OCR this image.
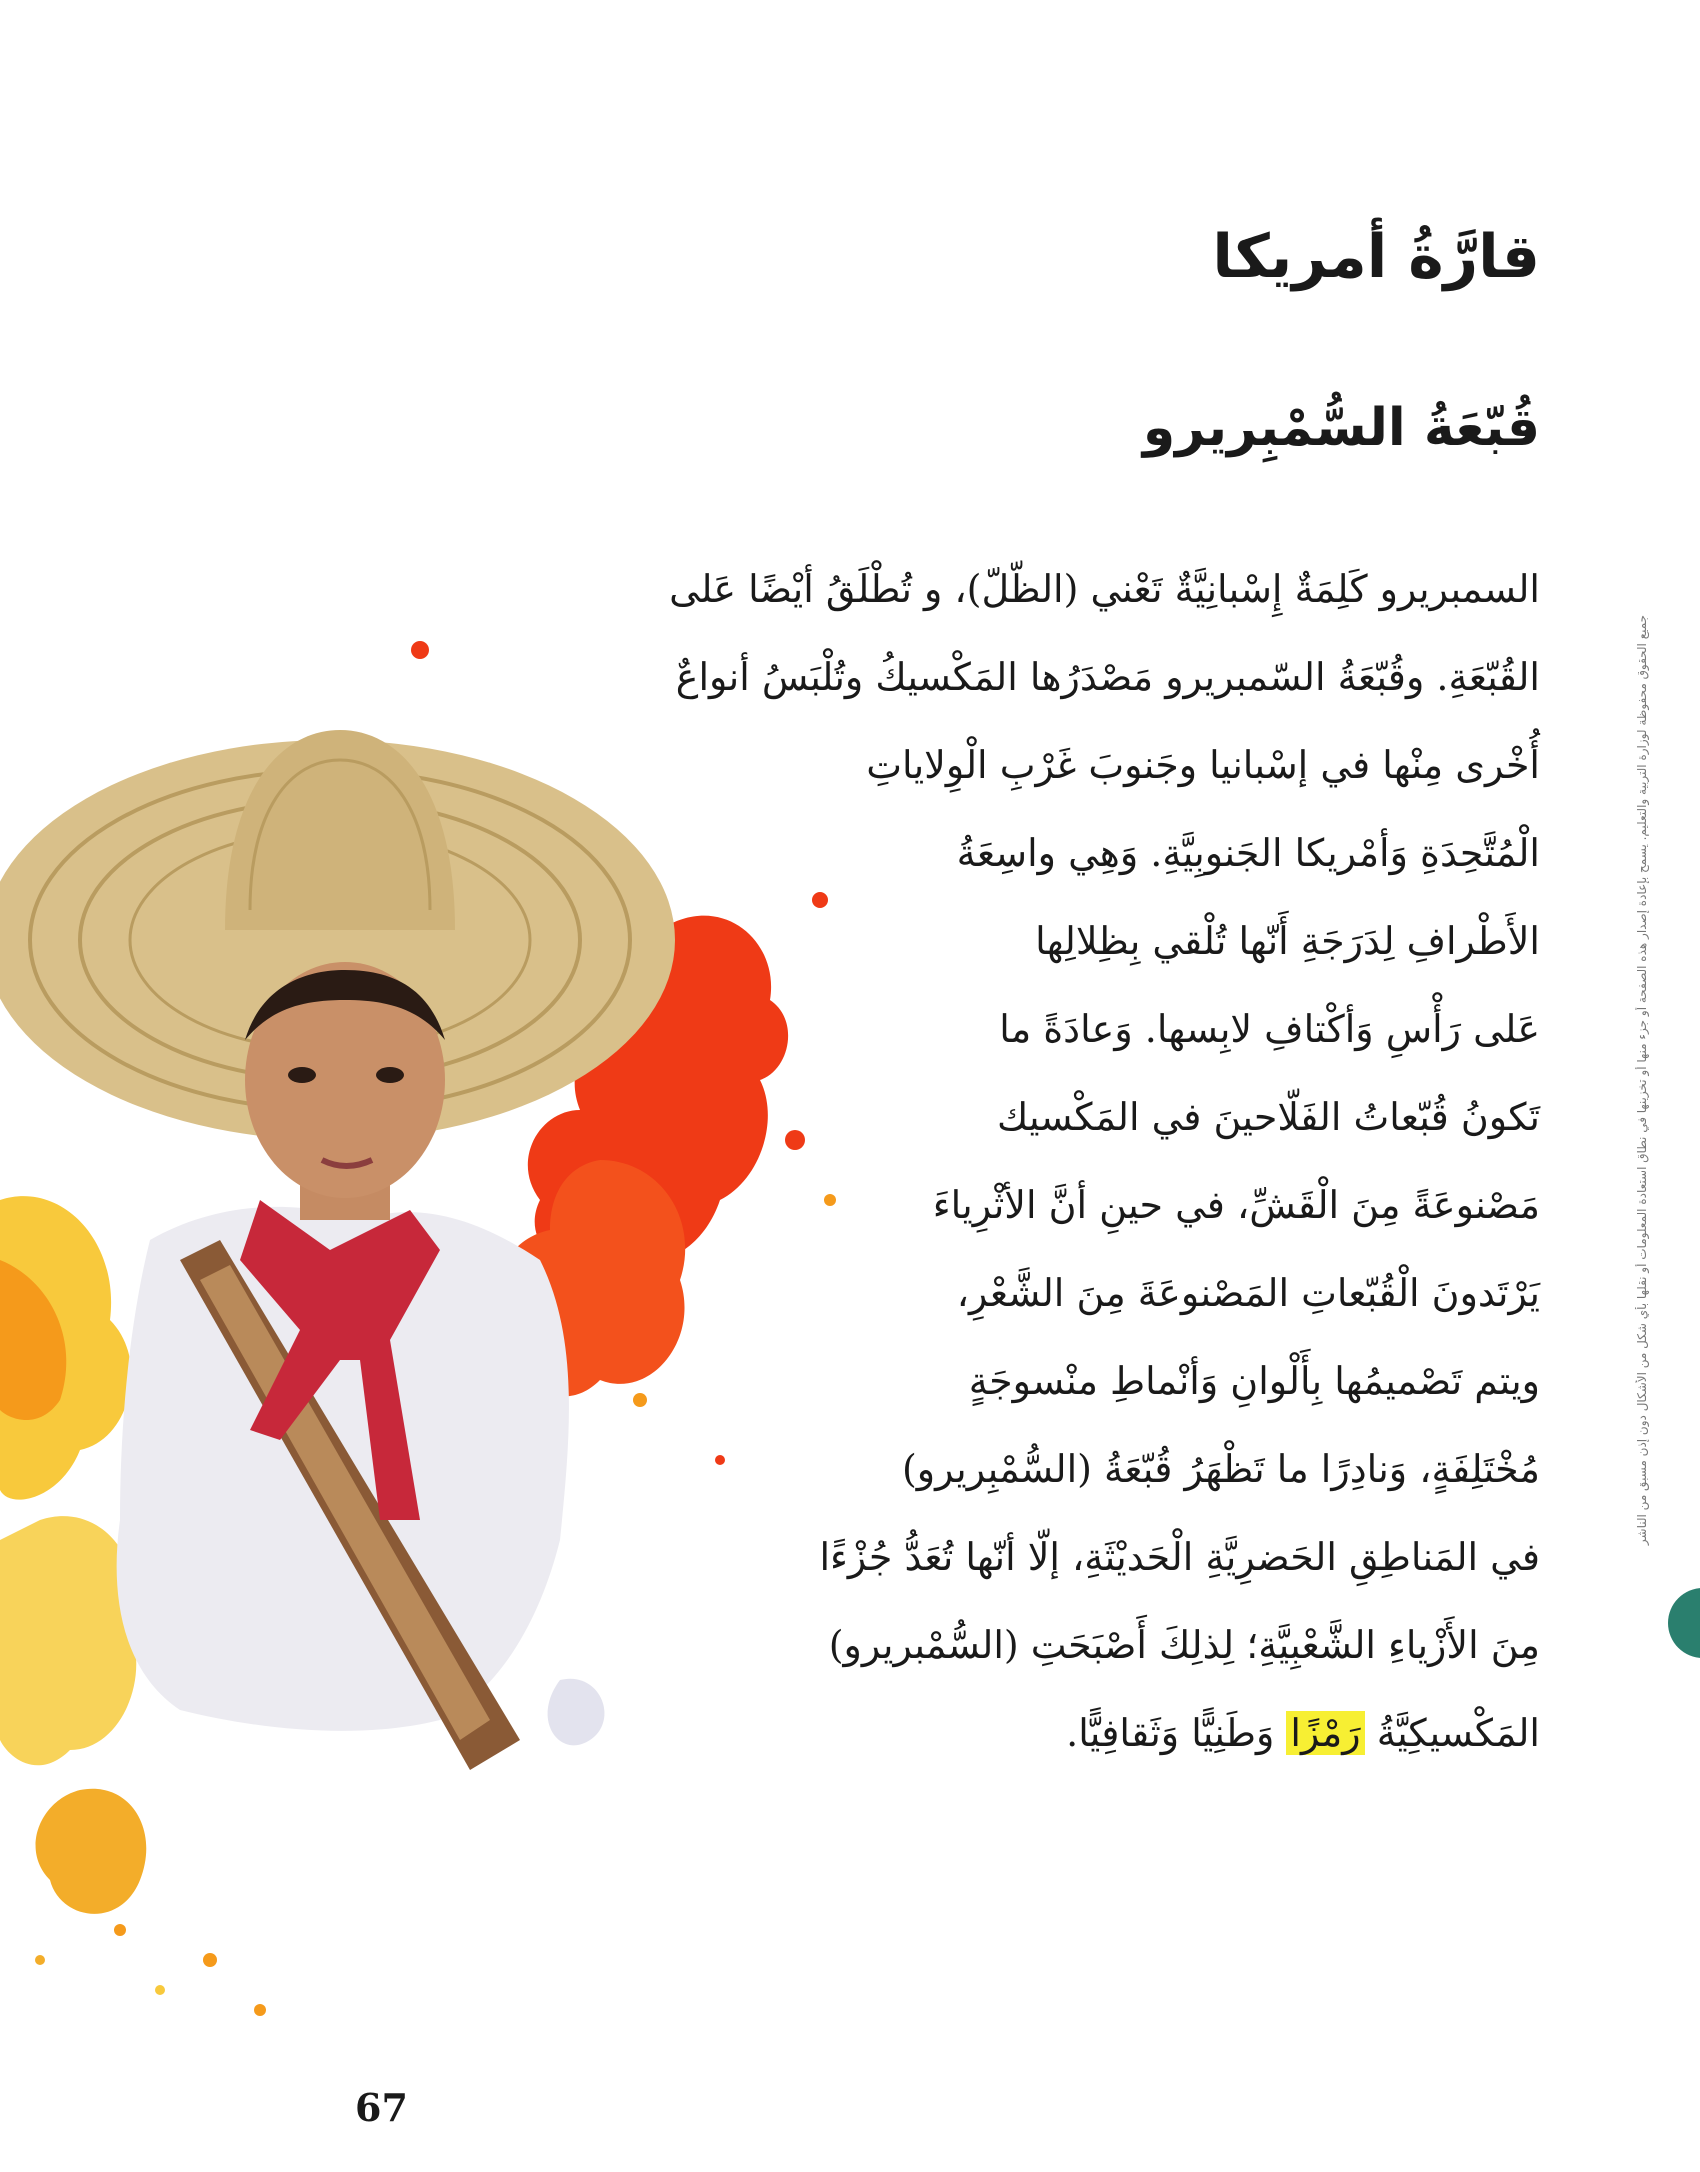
قارَّةُ أمريكا
قُبّعَةُ السُّمْبِريرو
السمبريرو كَلِمَةٌ إِسْبانِيَّةٌ تَعْني (الظّلّ)، و تُطْلَقُ أيْضًا عَلى
القُبّعَةِ. وقُبّعَةُ السّمبريرو مَصْدَرُها المَكْسيكُ وتُلْبَسُ أنواعٌ
أُخْرى مِنْها في إسْبانيا وجَنوبَ غَرْبِ الْوِلاياتِ
الْمُتَّحِدَةِ وَأمْريكا الجَنوبِيَّةِ. وَهِي واسِعَةُ
الأَطْرافِ لِدَرَجَةِ أَنّها تُلْقي بِظِلالِها
عَلى رَأْسِ وَأكْتافِ لابِسها. وَعادَةً ما
تَكونُ قُبّعاتُ الفَلّاحينَ في المَكْسيك
مَصْنوعَةً مِنَ الْقَشِّ، في حينِ أنَّ الأثْرِياءَ
يَرْتَدونَ الْقُبّعاتِ المَصْنوعَةَ مِنَ الشَّعْرِ،
ويتم تَصْميمُها بِأَلْوانِ وَأنْماطِ منْسوجَةٍ
مُخْتَلِفَةٍ، وَنادِرًا ما تَظْهَرُ قُبّعَةُ (السُّمْبِريرو)
في المَناطِقِ الحَضرِيَّةِ الْحَديْثَةِ، إلّا أنّها تُعَدُّ جُزْءًا
مِنَ الأَزْياءِ الشَّعْبِيَّةِ؛ لِذلِكَ أَصْبَحَتِ (السُّمْبريرو)
المَكْسيكِيَّةُ رَمْزًا وَطَنِيًّا وَثَقافِيًّا.
جميع الحقوق محفوظة لوزارة التربية والتعليم. يسمح بإعادة إصدار هذه الصفحة أو جزء منها أو تخزينها في نطاق استعادة المعلومات أو نقلها بأي شكل من الأشكال دون إذن مسبق من الناشر

67
